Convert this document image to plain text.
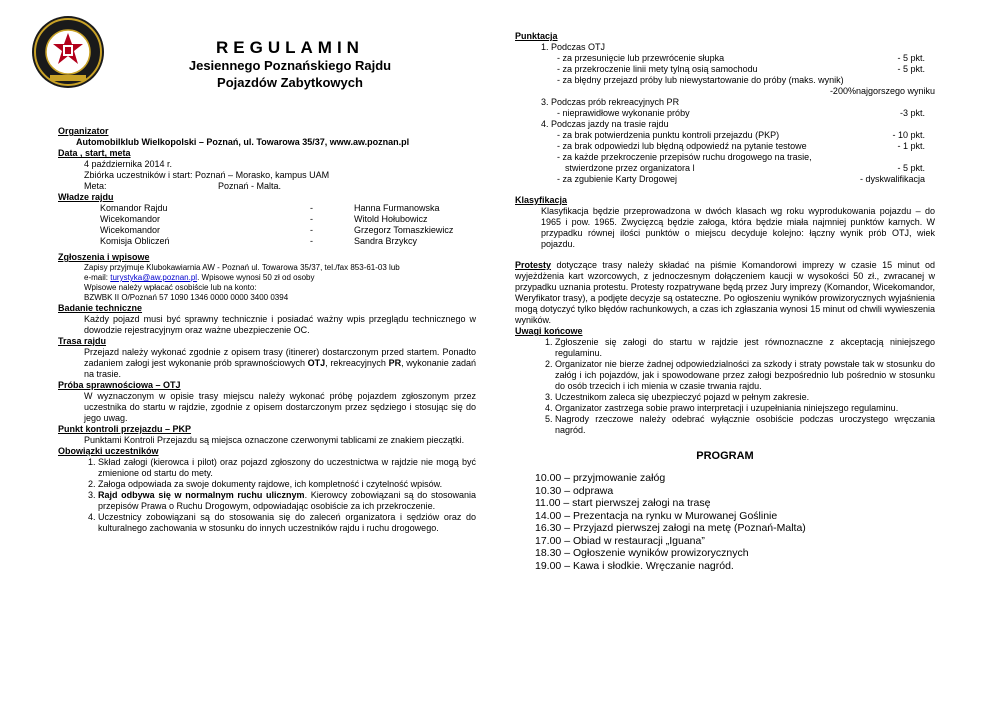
REGULAMIN
Jesiennego Poznańskiego Rajdu
Pojazdów Zabytkowych
Organizator
Automobilklub Wielkopolski – Poznań, ul. Towarowa 35/37, www.aw.poznan.pl
Data , start, meta
4 października 2014 r.
Zbiórka uczestników i start: Poznań – Morasko, kampus UAM
Meta:	Poznań - Malta.
Władze rajdu
Komandor Rajdu	-	Hanna Furmanowska
Wicekomandor	-	Witold Hołubowicz
Wicekomandor	-	Grzegorz Tomaszkiewicz
Komisja Obliczeń	-	Sandra Brzykcy
Zgłoszenia i wpisowe
Zapisy przyjmuje Klubokawiarnia AW - Poznań ul. Towarowa 35/37, tel./fax 853-61-03 lub
e-mail: turystyka@aw.poznan.pl. Wpisowe wynosi 50 zł od osoby
Wpisowe należy wpłacać osobiście lub na konto:
BZWBK II O/Poznań 57 1090 1346 0000 0000 3400 0394
Badanie techniczne
Każdy pojazd musi być sprawny technicznie i posiadać ważny wpis przeglądu technicznego w dowodzie rejestracyjnym oraz ważne ubezpieczenie OC.
Trasa rajdu
Przejazd należy wykonać zgodnie z opisem trasy (itinerer) dostarczonym przed startem. Ponadto zadaniem załogi jest wykonanie prób sprawnościowych OTJ, rekreacyjnych PR, wykonanie zadań na trasie.
Próba sprawnościowa – OTJ
W wyznaczonym w opisie trasy miejscu należy wykonać próbę pojazdem zgłoszonym przez uczestnika do startu w rajdzie, zgodnie z opisem dostarczonym przez sędziego i stosując się do jego uwag.
Punkt kontroli przejazdu – PKP
Punktami Kontroli Przejazdu są miejsca oznaczone czerwonymi tablicami ze znakiem pieczątki.
Obowiązki uczestników
1. Skład załogi (kierowca i pilot) oraz pojazd zgłoszony do uczestnictwa w rajdzie nie mogą być zmienione od startu do mety.
2. Załoga odpowiada za swoje dokumenty rajdowe, ich kompletność i czytelność wpisów.
3. Rajd odbywa się w normalnym ruchu ulicznym. Kierowcy zobowiązani są do stosowania przepisów Prawa o Ruchu Drogowym, odpowiadając osobiście za ich przekroczenie.
4. Uczestnicy zobowiązani są do stosowania się do zaleceń organizatora i sędziów oraz do kulturalnego zachowania w stosunku do innych uczestników rajdu i ruchu drogowego.
Punktacja
1. Podczas OTJ
- za przesunięcie lub przewrócenie słupka	- 5 pkt.
- za przekroczenie linii mety tylną osią samochodu	- 5 pkt.
- za błędny przejazd próby lub niewystartowanie do próby (maks. wynik)
-200%najgorszego wyniku
3. Podczas prób rekreacyjnych PR
- nieprawidłowe wykonanie próby	-3 pkt.
4. Podczas jazdy na trasie rajdu
- za brak potwierdzenia punktu kontroli przejazdu (PKP)	- 10 pkt.
- za brak odpowiedzi lub błędną odpowiedź na pytanie testowe	- 1 pkt.
- za każde przekroczenie przepisów ruchu drogowego na trasie,
stwierdzone przez organizatora l	- 5 pkt.
- za zgubienie Karty Drogowej	- dyskwalifikacja
Klasyfikacja
Klasyfikacja będzie przeprowadzona w dwóch klasach wg roku wyprodukowania pojazdu – do 1965 i pow. 1965. Zwycięzcą będzie załoga, która będzie miała najmniej punktów karnych. W przypadku równej ilości punktów o miejscu decyduje kolejno: łączny wynik prób OTJ, wiek pojazdu.
Protesty dotyczące trasy należy składać na piśmie Komandorowi imprezy w czasie 15 minut od wyjeżdżenia kart wzorcowych, z jednoczesnym dołączeniem kaucji w wysokości 50 zł., zwracanej w przypadku uznania protestu. Protesty rozpatrywane będą przez Jury imprezy (Komandor, Wicekomandor, Weryfikator trasy), a podjęte decyzje są ostateczne. Po ogłoszeniu wyników prowizorycznych wyjaśnienia mogą dotyczyć tylko błędów rachunkowych, a czas ich zgłaszania wynosi 15 minut od chwili wywieszenia wyników.
Uwagi końcowe
1. Zgłoszenie się załogi do startu w rajdzie jest równoznaczne z akceptacją niniejszego regulaminu.
2. Organizator nie bierze żadnej odpowiedzialności za szkody i straty powstałe tak w stosunku do załóg i ich pojazdów, jak i spowodowane przez załogi bezpośrednio lub pośrednio w stosunku do osób trzecich i ich mienia w czasie trwania rajdu.
3. Uczestnikom zaleca się ubezpieczyć pojazd w pełnym zakresie.
4. Organizator zastrzega sobie prawo interpretacji i uzupełniania niniejszego regulaminu.
5. Nagrody rzeczowe należy odebrać wyłącznie osobiście podczas uroczystego wręczania nagród.
PROGRAM
10.00 – przyjmowanie załóg
10.30 – odprawa
11.00 – start pierwszej załogi na trasę
14.00 – Prezentacja na rynku w Murowanej Goślinie
16.30 – Przyjazd pierwszej załogi na metę (Poznań-Malta)
17.00 – Obiad w restauracji „Iguana”
18.30 – Ogłoszenie wyników prowizorycznych
19.00 – Kawa i słodkie. Wręczanie nagród.
